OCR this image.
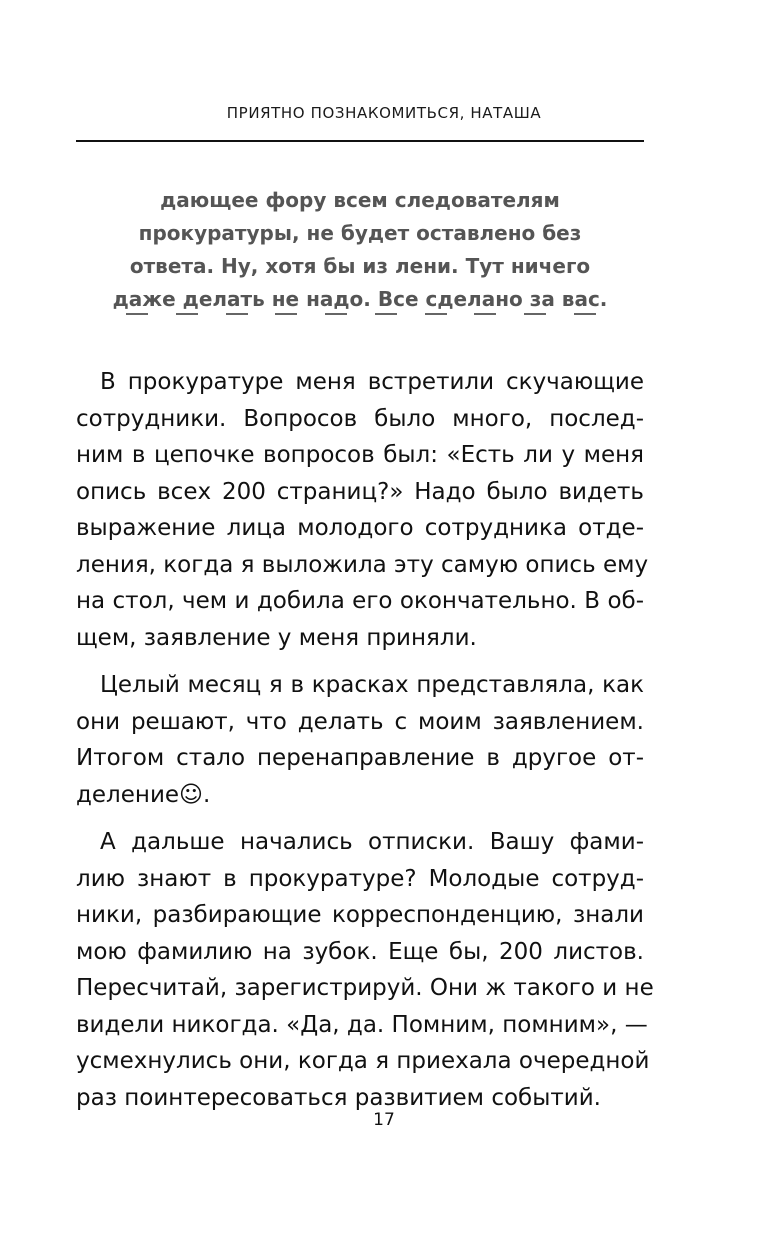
ПРИЯТНО ПОЗНАКОМИТЬСЯ, НАТАША
дающее фору всем следователям
прокуратуры, не будет оставлено без
ответа. Ну, хотя бы из лени. Тут ничего
даже делать не надо. Все сделано за вас.
В прокуратуре меня встретили скучающие
сотрудники. Вопросов было много, послед-
ним в цепочке вопросов был: «Есть ли у меня
опись всех 200 страниц?» Надо было видеть
выражение лица молодого сотрудника отде-
ления, когда я выложила эту самую опись ему
на стол, чем и добила его окончательно. В об-
щем, заявление у меня приняли.
Целый месяц я в красках представляла, как
они решают, что делать с моим заявлением.
Итогом стало перенаправление в другое от-
деление☺.
А дальше начались отписки. Вашу фами-
лию знают в прокуратуре? Молодые сотруд-
ники, разбирающие корреспонденцию, знали
мою фамилию на зубок. Еще бы, 200 листов.
Пересчитай, зарегистрируй. Они ж такого и не
видели никогда. «Да, да. Помним, помним», —
усмехнулись они, когда я приехала очередной
раз поинтересоваться развитием событий.
17
